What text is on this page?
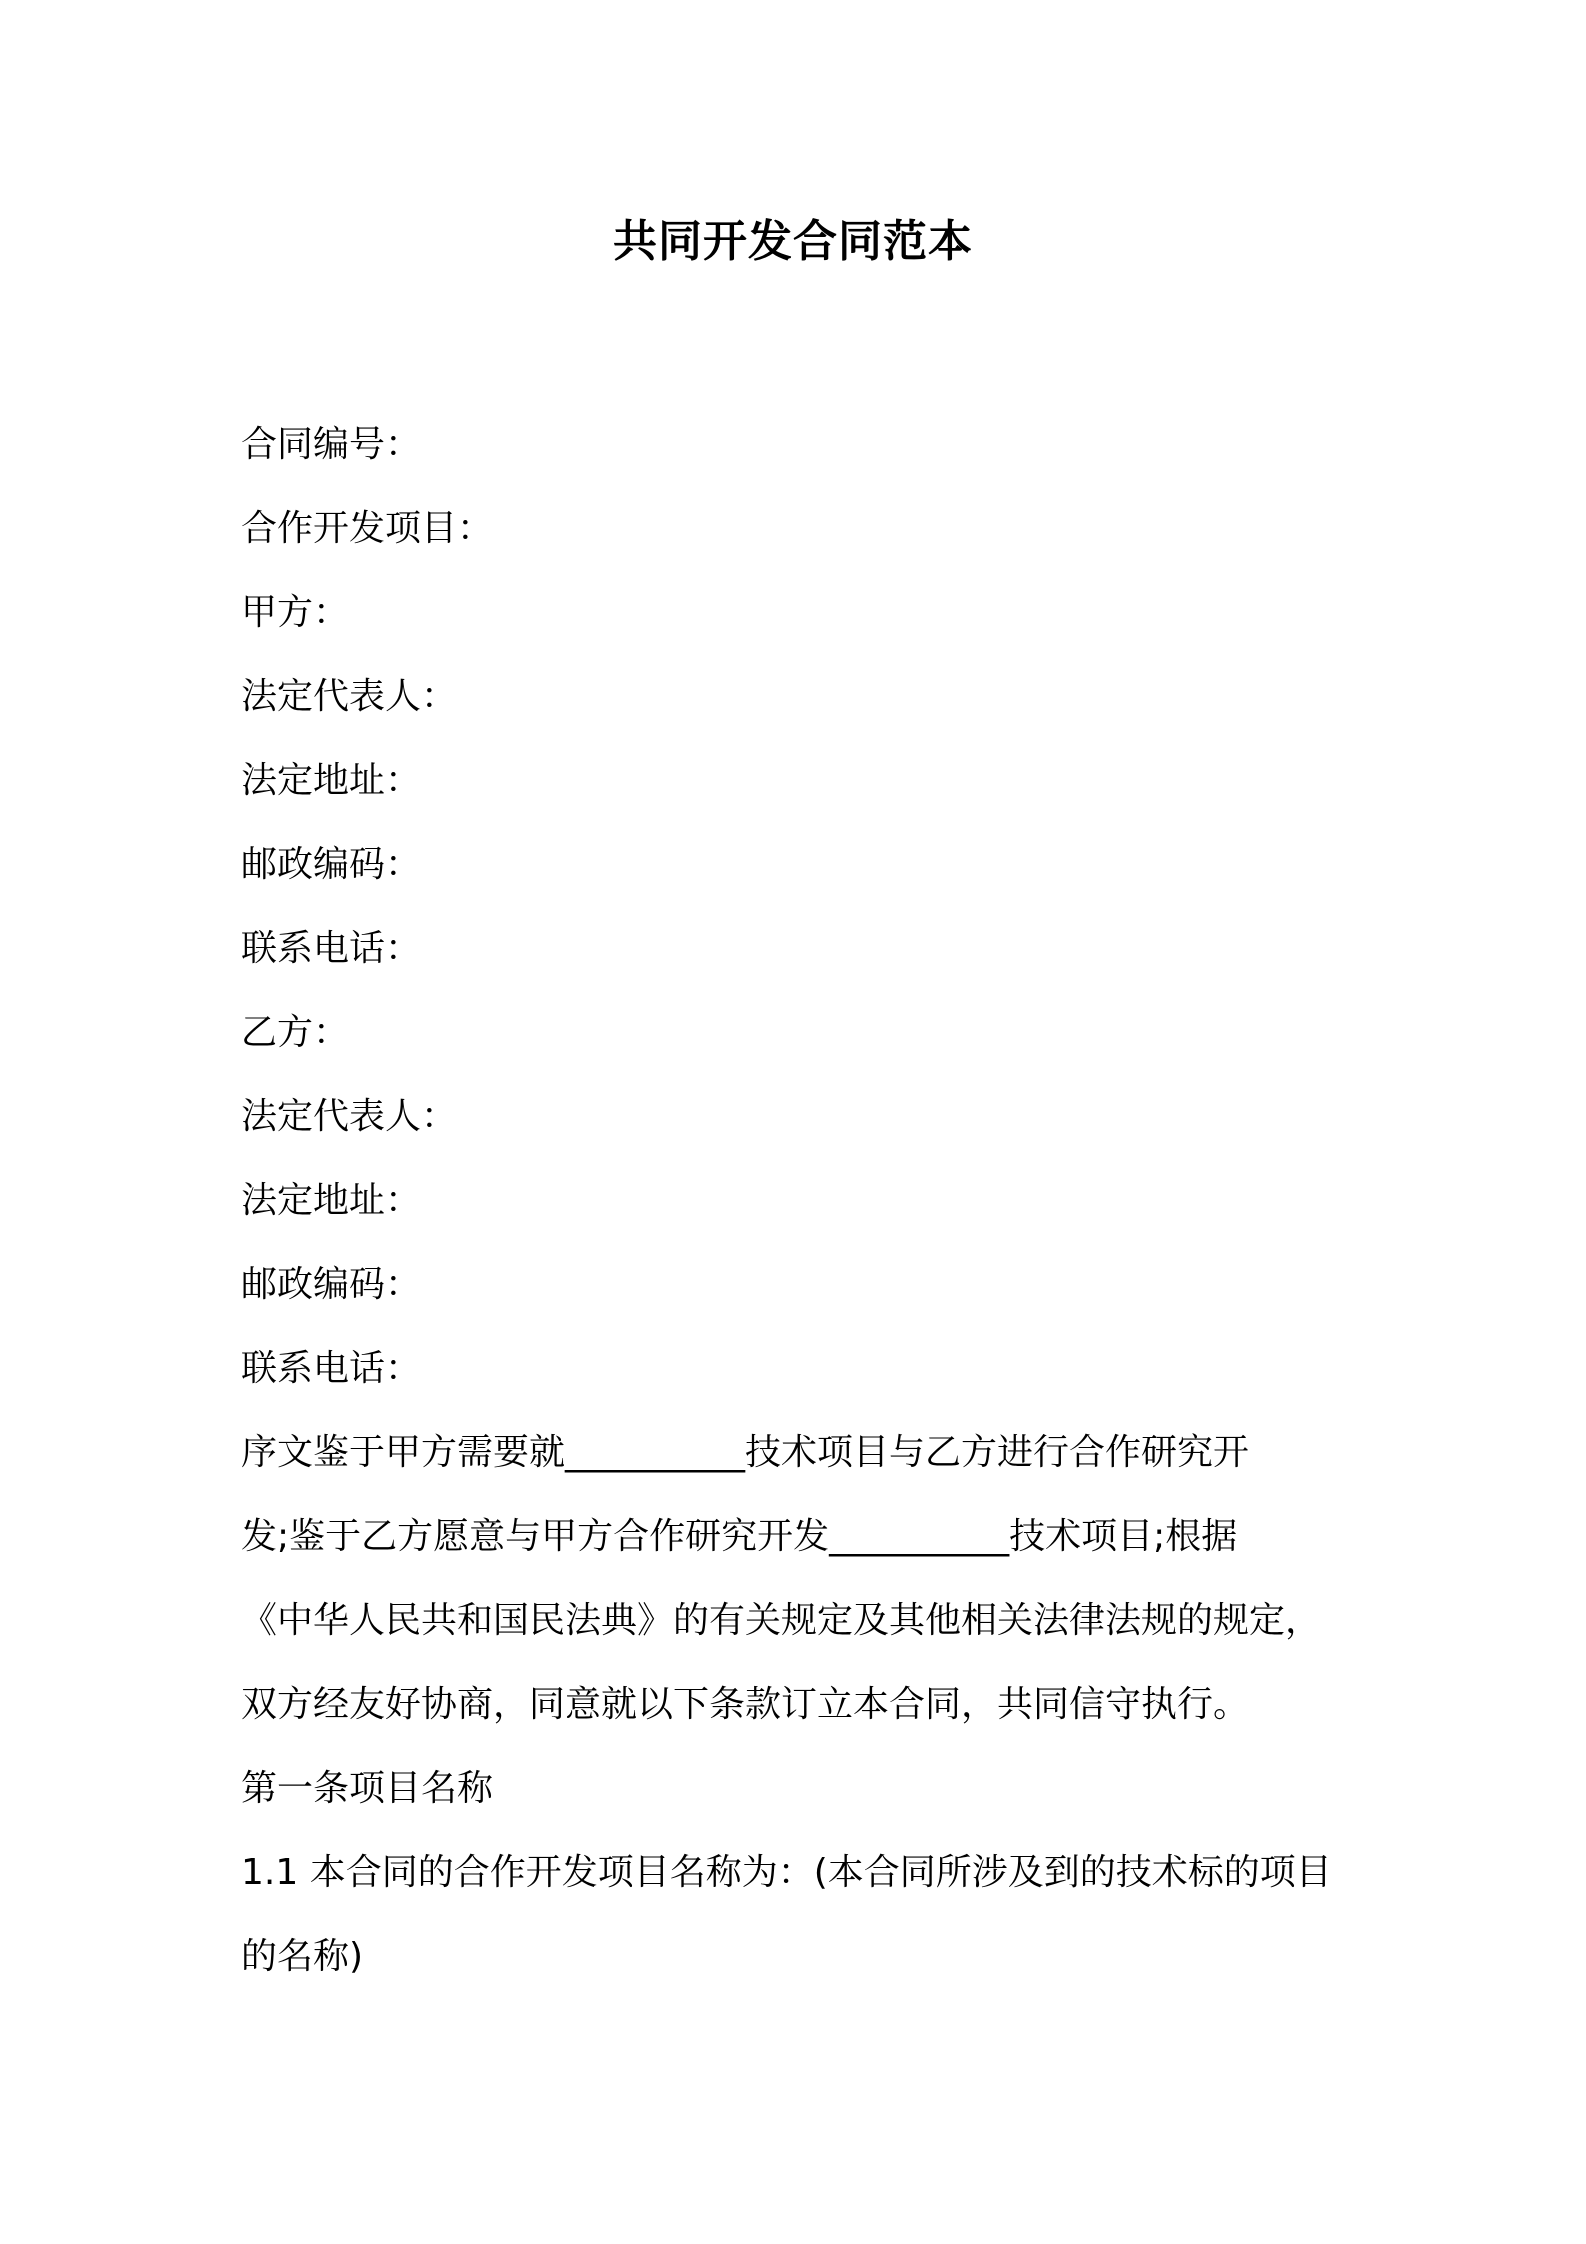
共同开发合同范本
合同编号：
合作开发项目：
甲方：
法定代表人：
法定地址：
邮政编码：
联系电话：
乙方：
法定代表人：
法定地址：
邮政编码：
联系电话：

序文鉴于甲方需要就__________技术项目与乙方进行合作研究开
发;鉴于乙方愿意与甲方合作研究开发__________技术项目;根据
《中华人民共和国民法典》的有关规定及其他相关法律法规的规定，
双方经友好协商，同意就以下条款订立本合同，共同信守执行。

第一条项目名称

1.1 本合同的合作开发项目名称为：(本合同所涉及到的技术标的项目
的名称)
